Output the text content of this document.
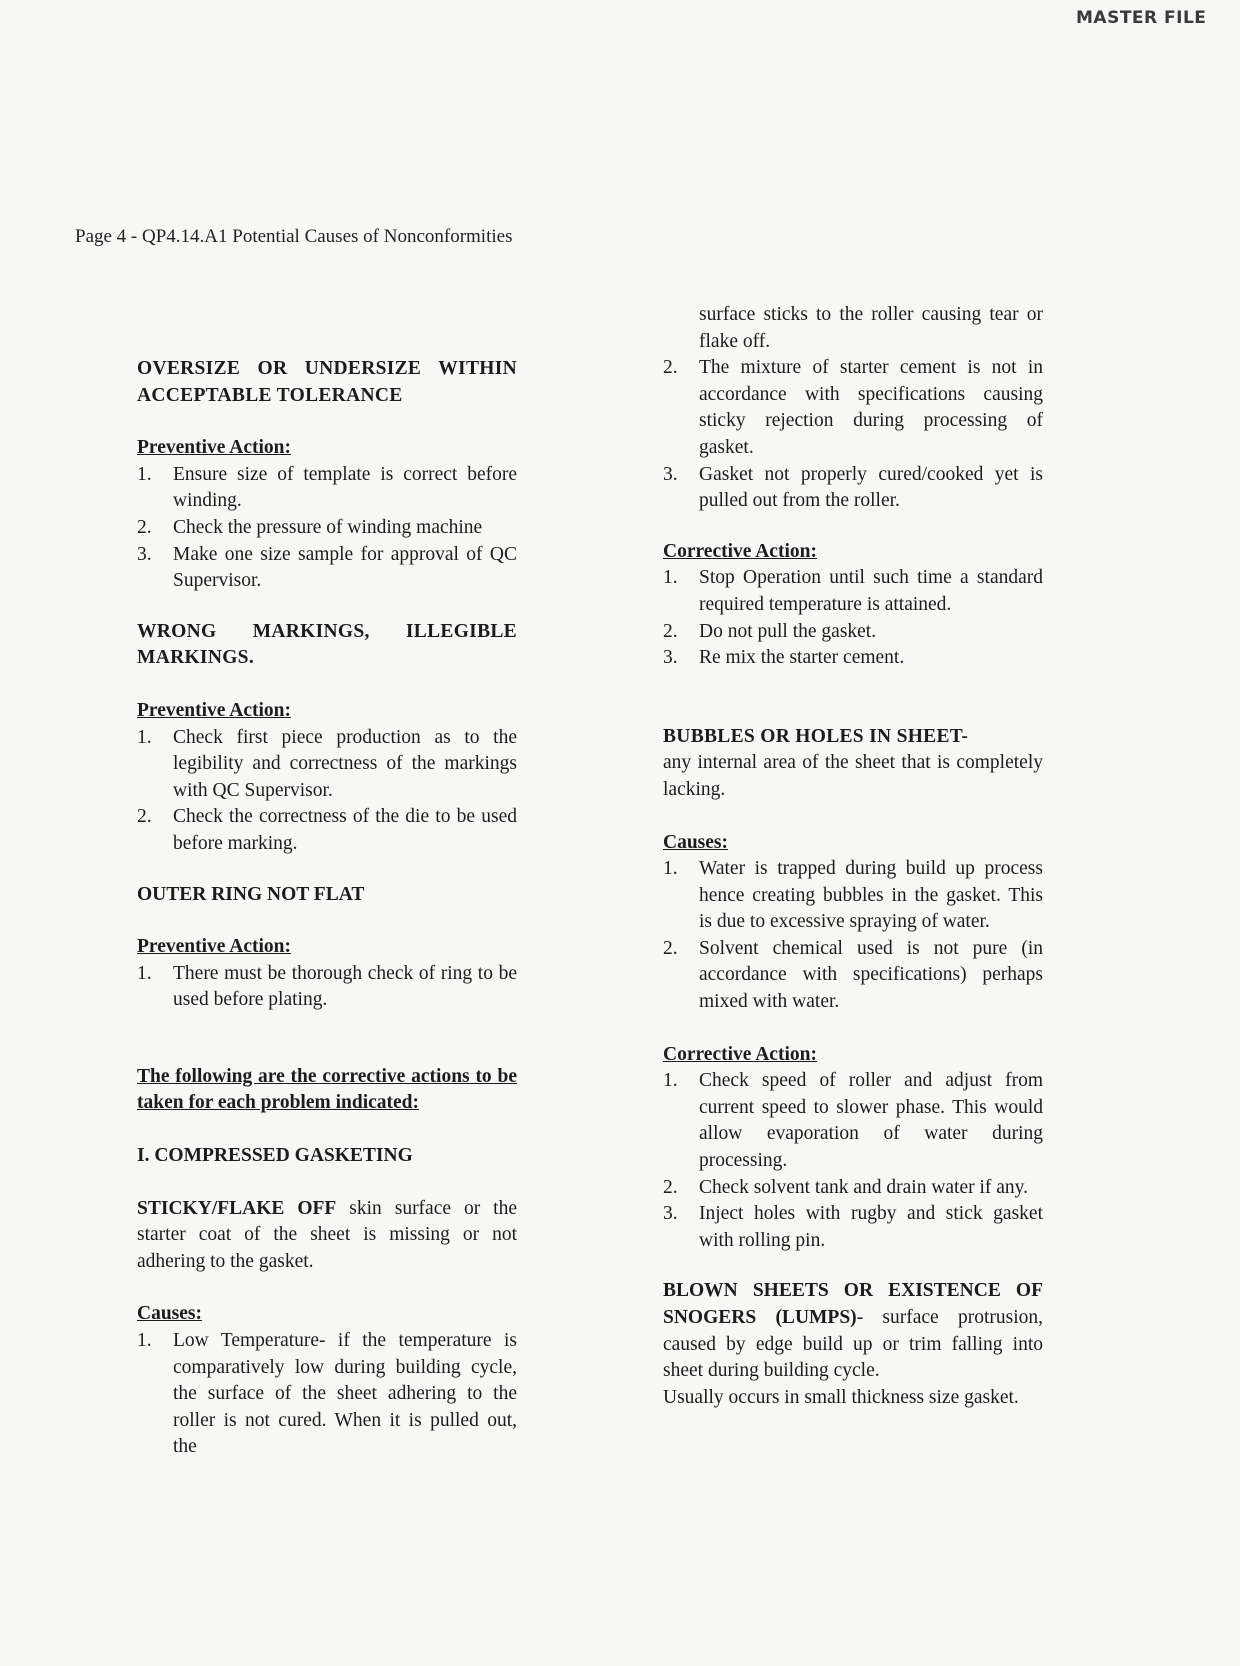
MASTER FILE
Page 4 - QP4.14.A1 Potential Causes of Nonconformities

OVERSIZE OR UNDERSIZE WITHIN ACCEPTABLE TOLERANCE

Preventive Action:

1. Ensure size of template is correct before winding.
2. Check the pressure of winding machine
3. Make one size sample for approval of QC Supervisor.

WRONG MARKINGS, ILLEGIBLE MARKINGS.

Preventive Action:

1. Check first piece production as to the legibility and correctness of the markings with QC Supervisor.
2. Check the correctness of the die to be used before marking.

OUTER RING NOT FLAT

Preventive Action:

1. There must be thorough check of ring to be used before plating.

The following are the corrective actions to be taken for each problem indicated:

I. COMPRESSED GASKETING

STICKY/FLAKE OFF skin surface or the starter coat of the sheet is missing or not adhering to the gasket.

Causes:

1. Low Temperature- if the temperature is comparatively low during building cycle, the surface of the sheet adhering to the roller is not cured. When it is pulled out, the
surface sticks to the roller causing tear or flake off.
2. The mixture of starter cement is not in accordance with specifications causing sticky rejection during processing of gasket.
3. Gasket not properly cured/cooked yet is pulled out from the roller.

Corrective Action:

1. Stop Operation until such time a standard required temperature is attained.
2. Do not pull the gasket.
3. Re mix the starter cement.

BUBBLES OR HOLES IN SHEET-

any internal area of the sheet that is completely lacking.

Causes:

1. Water is trapped during build up process hence creating bubbles in the gasket. This is due to excessive spraying of water.
2. Solvent chemical used is not pure (in accordance with specifications) perhaps mixed with water.

Corrective Action:

1. Check speed of roller and adjust from current speed to slower phase. This would allow evaporation of water during processing.
2. Check solvent tank and drain water if any.
3. Inject holes with rugby and stick gasket with rolling pin.

BLOWN SHEETS OR EXISTENCE OF SNOGERS (LUMPS)- surface protrusion, caused by edge build up or trim falling into sheet during building cycle.

Usually occurs in small thickness size gasket.
